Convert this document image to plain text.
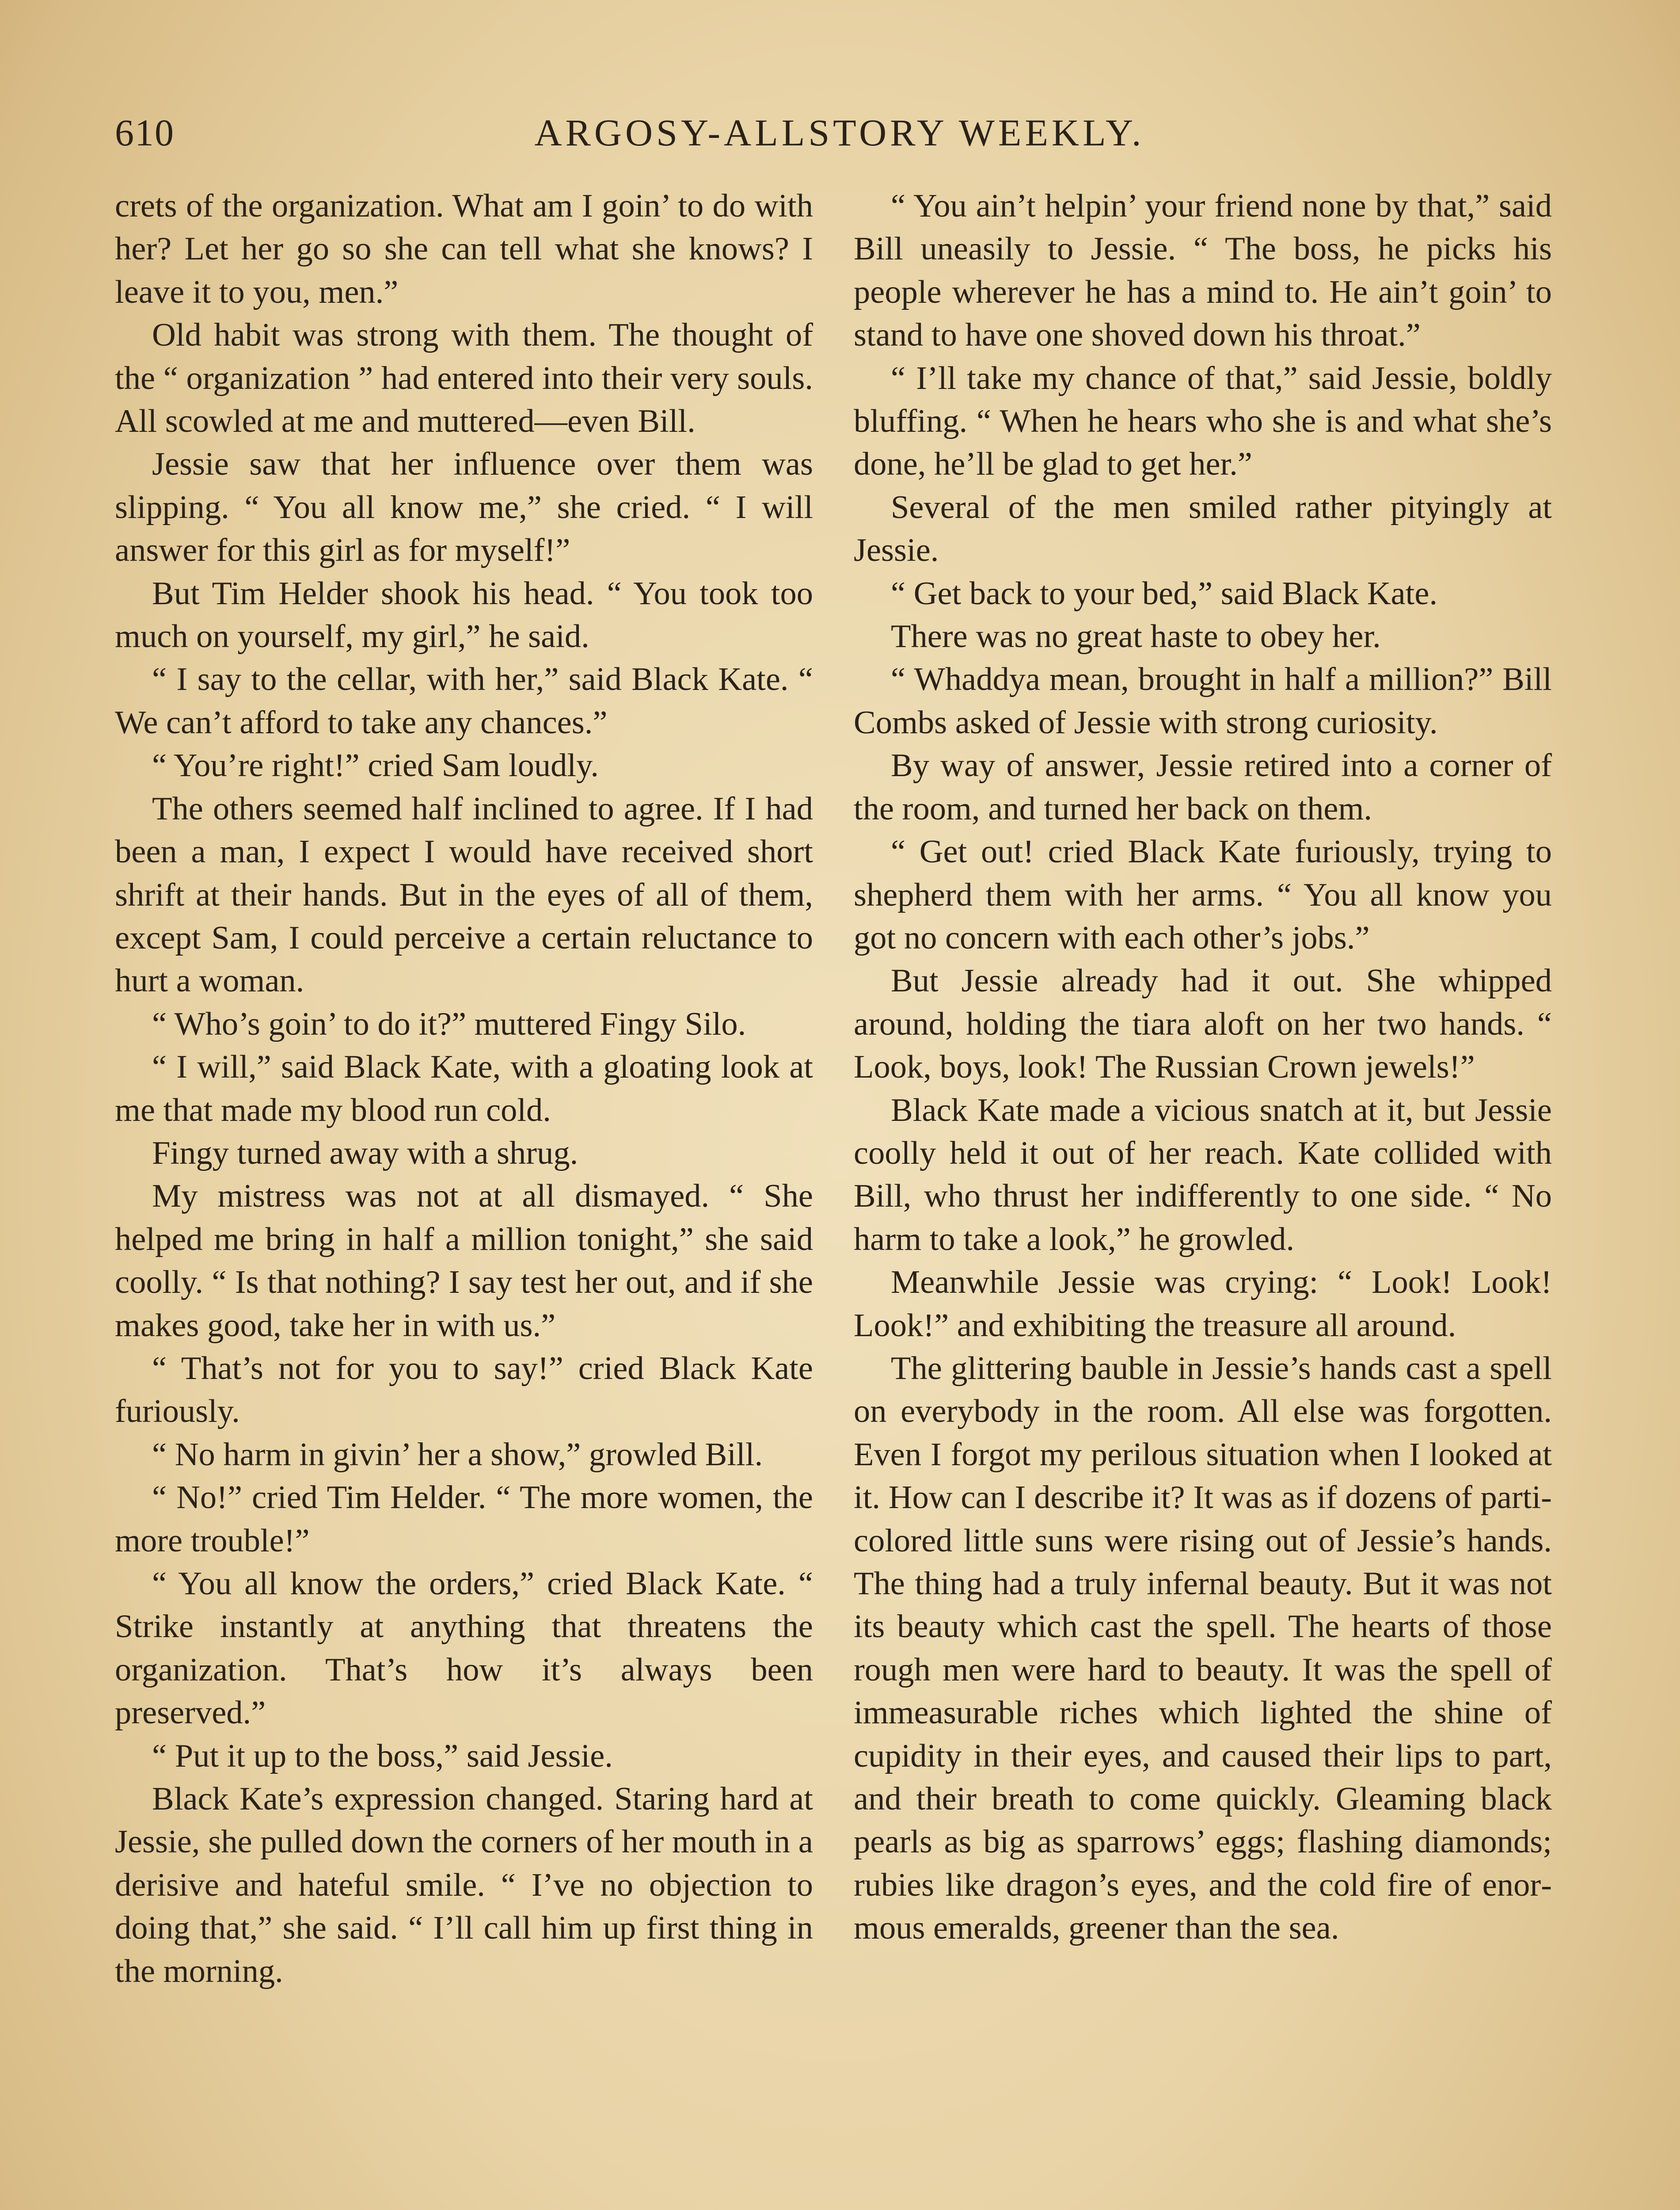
610	ARGOSY-ALLSTORY WEEKLY.

crets of the organization. What am I goin’ to do with her? Let her go so she can tell what she knows? I leave it to you, men.”

Old habit was strong with them. The thought of the “ organization ” had entered into their very souls. All scowled at me and muttered—even Bill.

Jessie saw that her influence over them was slipping. “ You all know me,” she cried. “ I will answer for this girl as for myself!”

But Tim Helder shook his head. “ You took too much on yourself, my girl,” he said.

“ I say to the cellar, with her,” said Black Kate. “ We can’t afford to take any chances.”

“ You’re right!” cried Sam loudly.

The others seemed half inclined to agree. If I had been a man, I expect I would have received short shrift at their hands. But in the eyes of all of them, except Sam, I could perceive a certain reluctance to hurt a woman.

“ Who’s goin’ to do it?” muttered Fingy Silo.

“ I will,” said Black Kate, with a gloating look at me that made my blood run cold.

Fingy turned away with a shrug.

My mistress was not at all dismayed. “ She helped me bring in half a million tonight,” she said coolly. “ Is that nothing? I say test her out, and if she makes good, take her in with us.”

“ That’s not for you to say!” cried Black Kate furiously.

“ No harm in givin’ her a show,” growled Bill.

“ No!” cried Tim Helder. “ The more women, the more trouble!”

“ You all know the orders,” cried Black Kate. “ Strike instantly at anything that threatens the organization. That’s how it’s always been preserved.”

“ Put it up to the boss,” said Jessie.

Black Kate’s expression changed. Staring hard at Jessie, she pulled down the corners of her mouth in a derisive and hateful smile. “ I’ve no objection to doing that,” she said. “ I’ll call him up first thing in the morning.

“ You ain’t helpin’ your friend none by that,” said Bill uneasily to Jessie. “ The boss, he picks his people wherever he has a mind to. He ain’t goin’ to stand to have one shoved down his throat.”

“ I’ll take my chance of that,” said Jessie, boldly bluffing. “ When he hears who she is and what she’s done, he’ll be glad to get her.”

Several of the men smiled rather pityingly at Jessie.

“ Get back to your bed,” said Black Kate.

There was no great haste to obey her.

“ Whaddya mean, brought in half a million?” Bill Combs asked of Jessie with strong curiosity.

By way of answer, Jessie retired into a corner of the room, and turned her back on them.

“ Get out! cried Black Kate furiously, trying to shepherd them with her arms. “ You all know you got no concern with each other’s jobs.”

But Jessie already had it out. She whipped around, holding the tiara aloft on her two hands. “ Look, boys, look! The Russian Crown jewels!”

Black Kate made a vicious snatch at it, but Jessie coolly held it out of her reach. Kate collided with Bill, who thrust her indifferently to one side. “ No harm to take a look,” he growled.

Meanwhile Jessie was crying: “ Look! Look! Look!” and exhibiting the treasure all around.

The glittering bauble in Jessie’s hands cast a spell on everybody in the room. All else was forgotten. Even I forgot my perilous situation when I looked at it. How can I describe it? It was as if dozens of parti-colored little suns were rising out of Jessie’s hands. The thing had a truly infernal beauty. But it was not its beauty which cast the spell. The hearts of those rough men were hard to beauty. It was the spell of immeasurable riches which lighted the shine of cupidity in their eyes, and caused their lips to part, and their breath to come quickly. Gleaming black pearls as big as sparrows’ eggs; flashing diamonds; rubies like dragon’s eyes, and the cold fire of enormous emeralds, greener than the sea.
